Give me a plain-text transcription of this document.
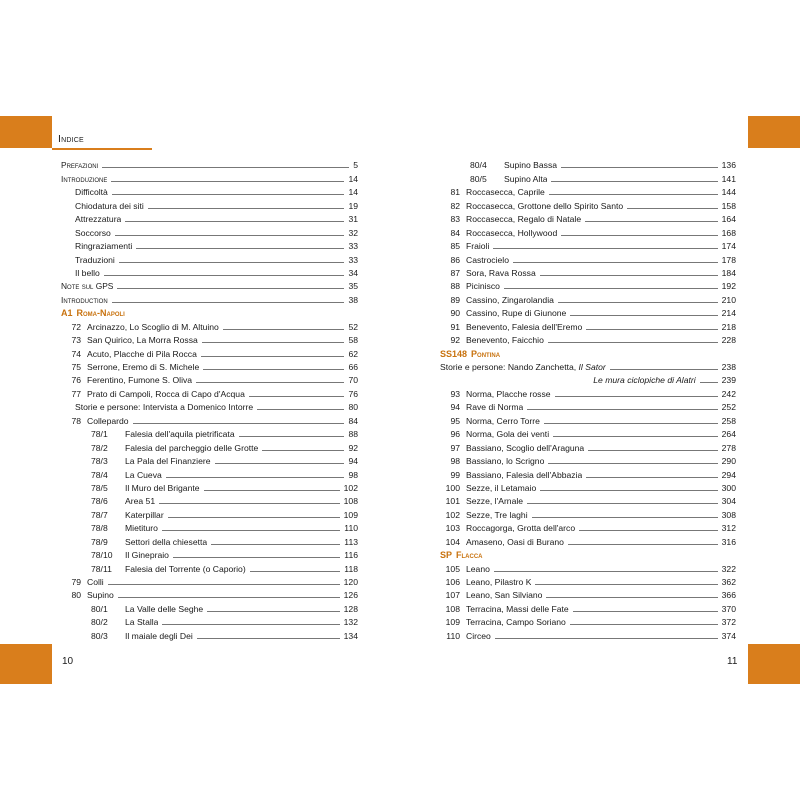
Indice
Prefazioni	5
Introduzione	14
Difficoltà	14
Chiodatura dei siti	19
Attrezzatura	31
Soccorso	32
Ringraziamenti	33
Traduzioni	33
Il bello	34
Note sul GPS	35
Introduction	38
A1 Roma-Napoli
72 Arcinazzo, Lo Scoglio di M. Altuino	52
73 San Quirico, La Morra Rossa	58
74 Acuto, Placche di Pila Rocca	62
75 Serrone, Eremo di S. Michele	66
76 Ferentino, Fumone S. Oliva	70
77 Prato di Campoli, Rocca di Capo d'Acqua	76
Storie e persone: Intervista a Domenico Intorre	80
78 Collepardo	84
78/1	Falesia dell'aquila pietrificata	88
78/2	Falesia del parcheggio delle Grotte	92
78/3	La Pala del Finanziere	94
78/4	La Cueva	98
78/5	Il Muro del Brigante	102
78/6	Area 51	108
78/7	Katerpillar	109
78/8	Mietituro	110
78/9	Settori della chiesetta	113
78/10	Il Ginepraio	116
78/11	Falesia del Torrente (o Caporio)	118
79 Colli	120
80 Supino	126
80/1	La Valle delle Seghe	128
80/2	La Stalla	132
80/3	Il maiale degli Dei	134
80/4	Supino Bassa	136
80/5	Supino Alta	141
81 Roccasecca, Caprile	144
82 Roccasecca, Grottone dello Spirito Santo	158
83 Roccasecca, Regalo di Natale	164
84 Roccasecca, Hollywood	168
85 Fraioli	174
86 Castrocielo	178
87 Sora, Rava Rossa	184
88 Picinisco	192
89 Cassino, Zingarolandia	210
90 Cassino, Rupe di Giunone	214
91 Benevento, Falesia dell'Eremo	218
92 Benevento, Faicchio	228
SS148 Pontina
Storie e persone: Nando Zanchetta, Il Sator	238
Le mura ciclopiche di Alatri	239
93 Norma, Placche rosse	242
94 Rave di Norma	252
95 Norma, Cerro Torre	258
96 Norma, Gola dei venti	264
97 Bassiano, Scoglio dell'Araguna	278
98 Bassiano, lo Scrigno	290
99 Bassiano, Falesia dell'Abbazia	294
100 Sezze, il Letamaio	300
101 Sezze, l'Arnale	304
102 Sezze, Tre laghi	308
103 Roccagorga, Grotta dell'arco	312
104 Amaseno, Oasi di Burano	316
SP Flacca
105 Leano	322
106 Leano, Pilastro K	362
107 Leano, San Silviano	366
108 Terracina, Massi delle Fate	370
109 Terracina, Campo Soriano	372
110 Circeo	374
10	11
